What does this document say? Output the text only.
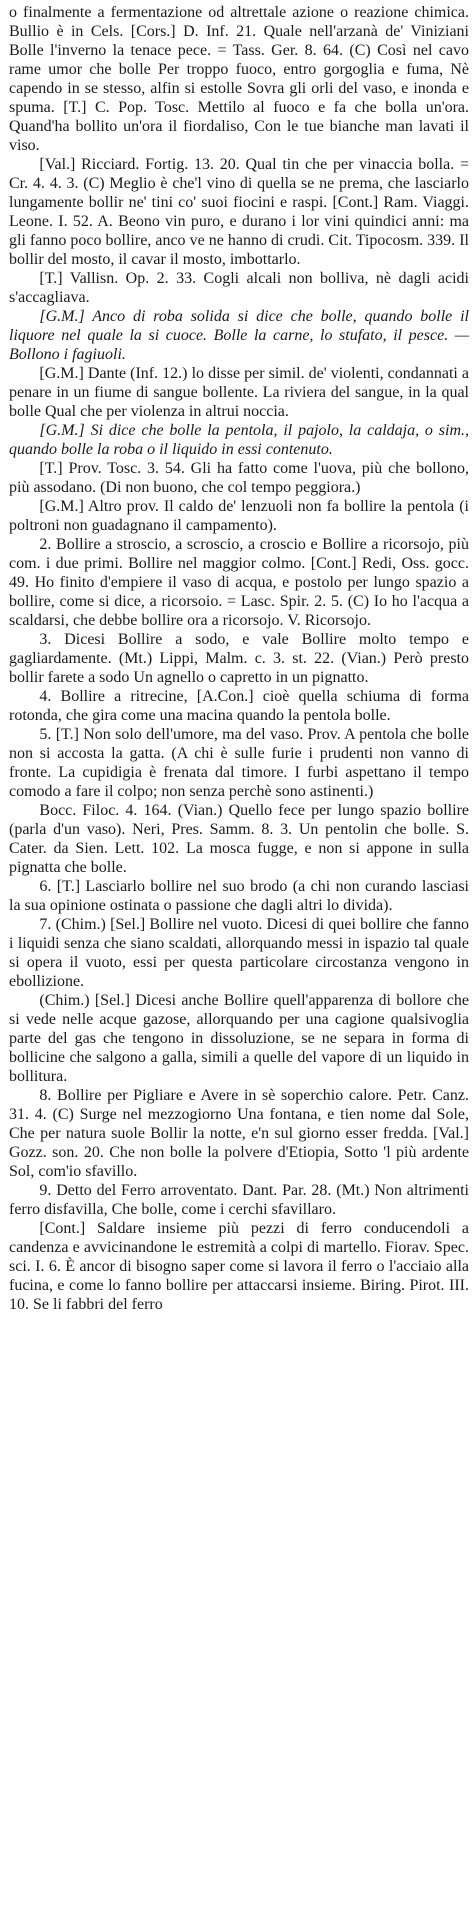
o finalmente a fermentazione od altrettale azione o reazione chimica. Bullio è in Cels. [Cors.] D. Inf. 21. Quale nell'arzanà de' Viniziani Bolle l'inverno la tenace pece. = Tass. Ger. 8. 64. (C) Così nel cavo rame umor che bolle Per troppo fuoco, entro gorgoglia e fuma, Nè capendo in se stesso, alfin si estolle Sovra gli orli del vaso, e inonda e spuma. [T.] C. Pop. Tosc. Mettilo al fuoco e fa che bolla un'ora. Quand'ha bollito un'ora il fiordaliso, Con le tue bianche man lavati il viso.

[Val.] Ricciard. Fortig. 13. 20. Qual tin che per vinaccia bolla. = Cr. 4. 4. 3. (C) Meglio è che'l vino di quella se ne prema, che lasciarlo lungamente bollir ne' tini co' suoi fiocini e raspi. [Cont.] Ram. Viaggi. Leone. I. 52. A. Beono vin puro, e durano i lor vini quindici anni: ma gli fanno poco bollire, anco ve ne hanno di crudi. Cit. Tipocosm. 339. Il bollir del mosto, il cavar il mosto, imbottarlo.

[T.] Vallisn. Op. 2. 33. Cogli alcali non bolliva, nè dagli acidi s'accagliava.

[G.M.] Anco di roba solida si dice che bolle, quando bolle il liquore nel quale la si cuoce. Bolle la carne, lo stufato, il pesce. — Bollono i fagiuoli.

[G.M.] Dante (Inf. 12.) lo disse per simil. de' violenti, condannati a penare in un fiume di sangue bollente. La riviera del sangue, in la qual bolle Qual che per violenza in altrui noccia.

[G.M.] Si dice che bolle la pentola, il pajolo, la caldaja, o sim., quando bolle la roba o il liquido in essi contenuto.

[T.] Prov. Tosc. 3. 54. Gli ha fatto come l'uova, più che bollono, più assodano. (Di non buono, che col tempo peggiora.)

[G.M.] Altro prov. Il caldo de' lenzuoli non fa bollire la pentola (i poltroni non guadagnano il campamento).

2. Bollire a stroscio, a scroscio, a croscio e Bollire a ricorsojo, più com. i due primi. Bollire nel maggior colmo. [Cont.] Redi, Oss. gocc. 49. Ho finito d'empiere il vaso di acqua, e postolo per lungo spazio a bollire, come si dice, a ricorsoio. = Lasc. Spir. 2. 5. (C) Io ho l'acqua a scaldarsi, che debbe bollire ora a ricorsojo. V. Ricorsojo.

3. Dicesi Bollire a sodo, e vale Bollire molto tempo e gagliardamente. (Mt.) Lippi, Malm. c. 3. st. 22. (Vian.) Però presto bollir farete a sodo Un agnello o capretto in un pignatto.

4. Bollire a ritrecine, [A.Con.] cioè quella schiuma di forma rotonda, che gira come una macina quando la pentola bolle.

5. [T.] Non solo dell'umore, ma del vaso. Prov. A pentola che bolle non si accosta la gatta. (A chi è sulle furie i prudenti non vanno di fronte. La cupidigia è frenata dal timore. I furbi aspettano il tempo comodo a fare il colpo; non senza perchè sono astinenti.)

Bocc. Filoc. 4. 164. (Vian.) Quello fece per lungo spazio bollire (parla d'un vaso). Neri, Pres. Samm. 8. 3. Un pentolin che bolle. S. Cater. da Sien. Lett. 102. La mosca fugge, e non si appone in sulla pignatta che bolle.

6. [T.] Lasciarlo bollire nel suo brodo (a chi non curando lasciasi la sua opinione ostinata o passione che dagli altri lo divida).

7. (Chim.) [Sel.] Bollire nel vuoto. Dicesi di quei bollire che fanno i liquidi senza che siano scaldati, allorquando messi in ispazio tal quale si opera il vuoto, essi per questa particolare circostanza vengono in ebollizione.

(Chim.) [Sel.] Dicesi anche Bollire quell'apparenza di bollore che si vede nelle acque gazose, allorquando per una cagione qualsivoglia parte del gas che tengono in dissoluzione, se ne separa in forma di bollicine che salgono a galla, simili a quelle del vapore di un liquido in bollitura.

8. Bollire per Pigliare e Avere in sè soperchio calore. Petr. Canz. 31. 4. (C) Surge nel mezzogiorno Una fontana, e tien nome dal Sole, Che per natura suole Bollir la notte, e'n sul giorno esser fredda. [Val.] Gozz. son. 20. Che non bolle la polvere d'Etiopia, Sotto 'l più ardente Sol, com'io sfavillo.

9. Detto del Ferro arroventato. Dant. Par. 28. (Mt.) Non altrimenti ferro disfavilla, Che bolle, come i cerchi sfavillaro.

[Cont.] Saldare insieme più pezzi di ferro conducendoli a candenza e avvicinandone le estremità a colpi di martello. Fiorav. Spec. sci. I. 6. È ancor di bisogno saper come si lavora il ferro o l'acciaio alla fucina, e come lo fanno bollire per attaccarsi insieme. Biring. Pirot. III. 10. Se li fabbri del ferro
